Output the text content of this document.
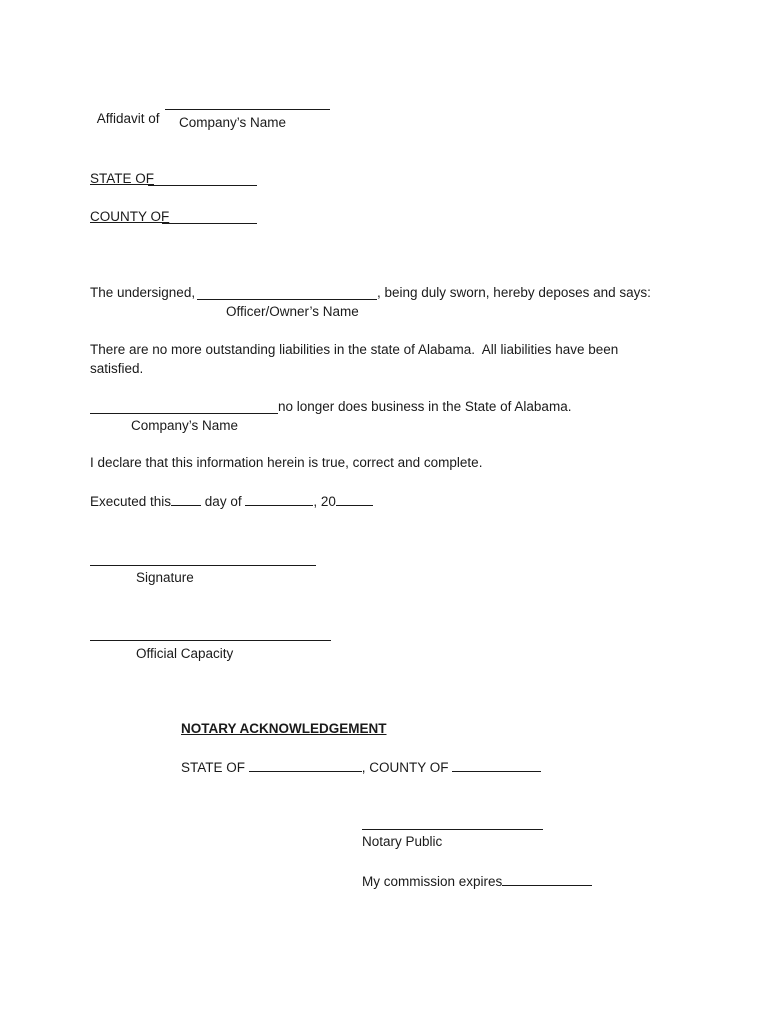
Affidavit of Company’s Name
STATE OF
COUNTY OF
The undersigned,	, being duly sworn, hereby deposes and says:
Officer/Owner’s Name
There are no more outstanding liabilities in the state of Alabama.  All liabilities have been
satisfied.
no longer does business in the State of Alabama.
Company’s Name
I declare that this information herein is true, correct and complete.
Executed this day of	, 20
Signature
Official Capacity
NOTARY ACKNOWLEDGEMENT
STATE OF	, COUNTY OF
Notary Public
My commission expires
